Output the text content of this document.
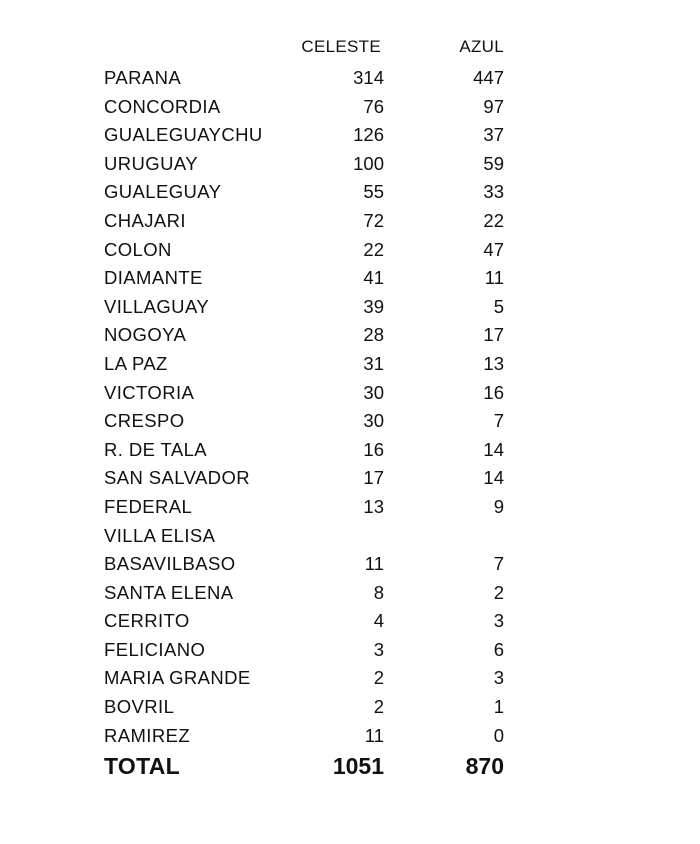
CELESTE	AZUL
PARANA	314	447
CONCORDIA	76	97
GUALEGUAYCHU	126	37
URUGUAY	100	59
GUALEGUAY	55	33
CHAJARI	72	22
COLON	22	47
DIAMANTE	41	11
VILLAGUAY	39	5
NOGOYA	28	17
LA PAZ	31	13
VICTORIA	30	16
CRESPO	30	7
R. DE TALA	16	14
SAN SALVADOR	17	14
FEDERAL	13	9
VILLA ELISA
BASAVILBASO	11	7
SANTA ELENA	8	2
CERRITO	4	3
FELICIANO	3	6
MARIA GRANDE	2	3
BOVRIL	2	1
RAMIREZ	11	0
TOTAL	1051	870
